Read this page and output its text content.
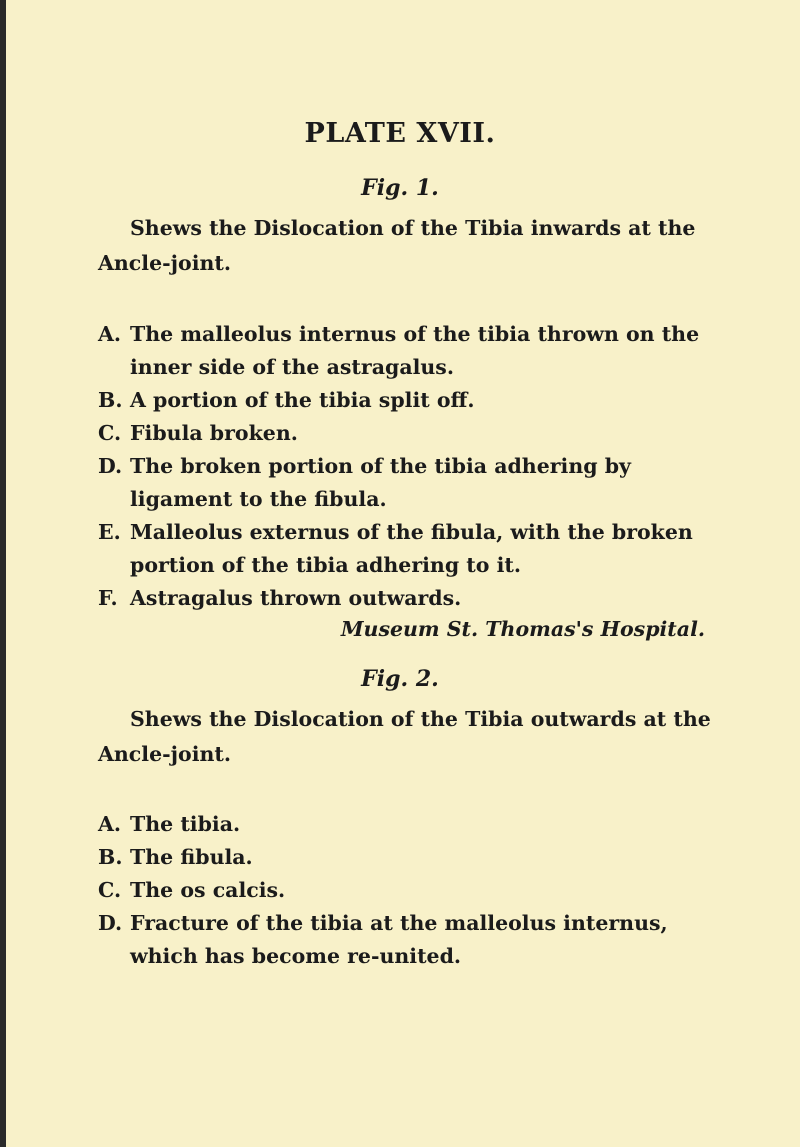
PLATE XVII.
Fig. 1.
Shews the Dislocation of the Tibia inwards at the Ancle-joint.
A. The malleolus internus of the tibia thrown on the inner side of the astragalus.
B. A portion of the tibia split off.
C. Fibula broken.
D. The broken portion of the tibia adhering by ligament to the fibula.
E. Malleolus externus of the fibula, with the broken portion of the tibia adhering to it.
F. Astragalus thrown outwards.
Museum St. Thomas's Hospital.
Fig. 2.
Shews the Dislocation of the Tibia outwards at the Ancle-joint.
A. The tibia.
B. The fibula.
C. The os calcis.
D. Fracture of the tibia at the malleolus internus, which has become re-united.
